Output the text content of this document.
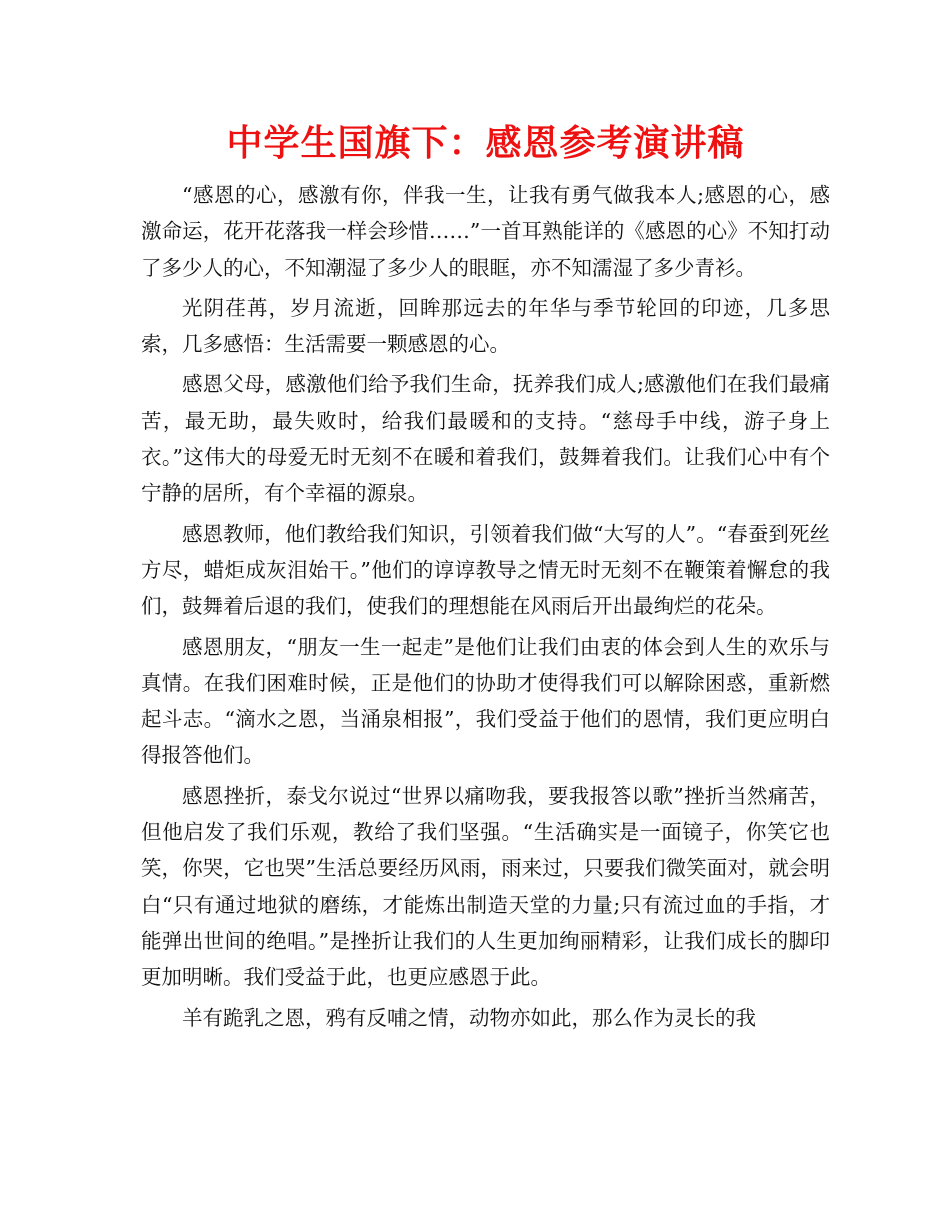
中学生国旗下：感恩参考演讲稿

“感恩的心，感激有你，伴我一生，让我有勇气做我本人;感恩的心，感激命运，花开花落我一样会珍惜……”一首耳熟能详的《感恩的心》不知打动了多少人的心，不知潮湿了多少人的眼眶，亦不知濡湿了多少青衫。

光阴荏苒，岁月流逝，回眸那远去的年华与季节轮回的印迹，几多思索，几多感悟：生活需要一颗感恩的心。

感恩父母，感激他们给予我们生命，抚养我们成人;感激他们在我们最痛苦，最无助，最失败时，给我们最暖和的支持。“慈母手中线，游子身上衣。”这伟大的母爱无时无刻不在暖和着我们，鼓舞着我们。让我们心中有个宁静的居所，有个幸福的源泉。

感恩教师，他们教给我们知识，引领着我们做“大写的人”。“春蚕到死丝方尽，蜡炬成灰泪始干。”他们的谆谆教导之情无时无刻不在鞭策着懈怠的我们，鼓舞着后退的我们，使我们的理想能在风雨后开出最绚烂的花朵。

感恩朋友，“朋友一生一起走”是他们让我们由衷的体会到人生的欢乐与真情。在我们困难时候，正是他们的协助才使得我们可以解除困惑，重新燃起斗志。“滴水之恩，当涌泉相报”，我们受益于他们的恩情，我们更应明白得报答他们。

感恩挫折，泰戈尔说过“世界以痛吻我，要我报答以歌”挫折当然痛苦，但他启发了我们乐观，教给了我们坚强。“生活确实是一面镜子，你笑它也笑，你哭，它也哭”生活总要经历风雨，雨来过，只要我们微笑面对，就会明白“只有通过地狱的磨练，才能炼出制造天堂的力量;只有流过血的手指，才能弹出世间的绝唱。”是挫折让我们的人生更加绚丽精彩，让我们成长的脚印更加明晰。我们受益于此，也更应感恩于此。

羊有跪乳之恩，鸦有反哺之情，动物亦如此，那么作为灵长的我
